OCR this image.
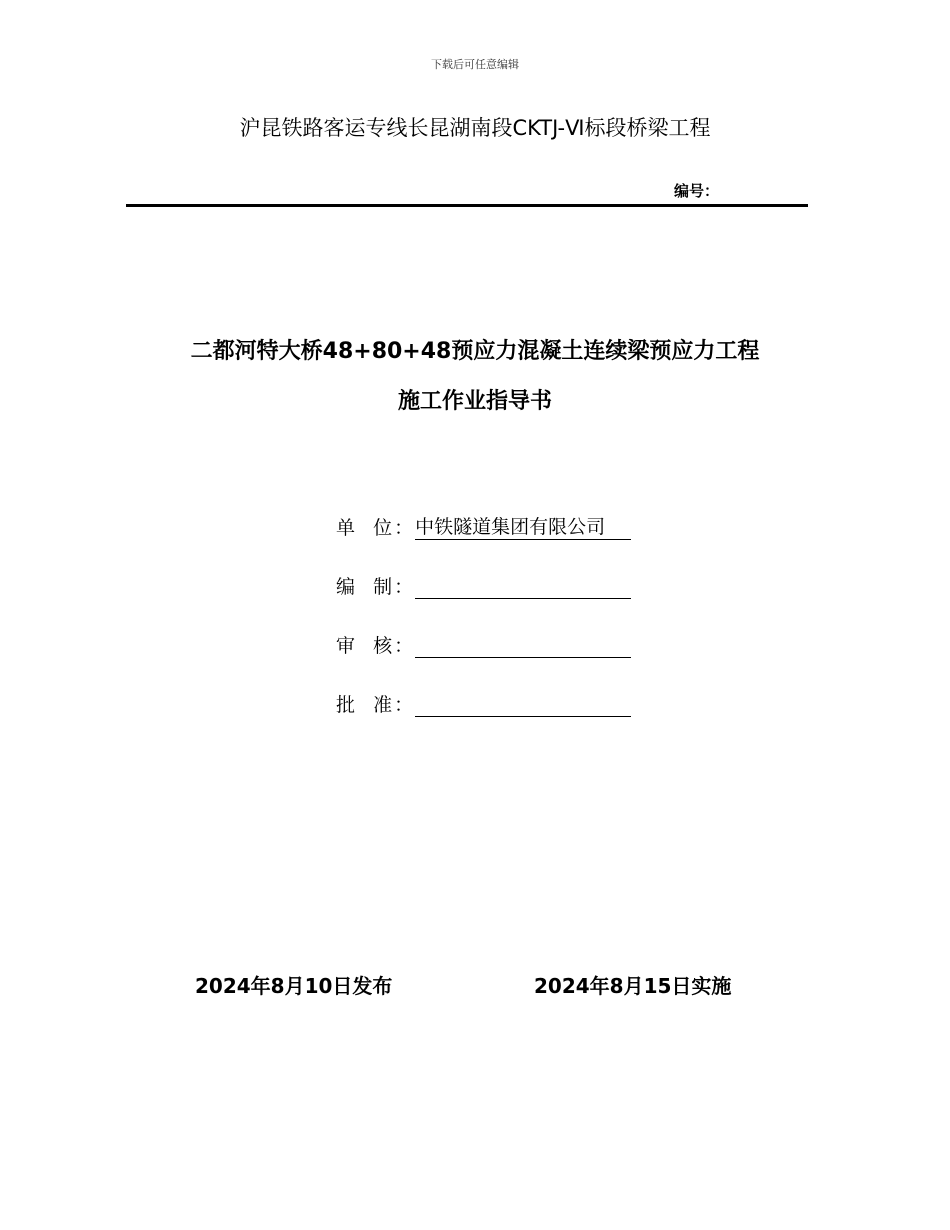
下载后可任意编辑
沪昆铁路客运专线长昆湖南段CKTJ-Ⅵ标段桥梁工程
编号：
二都河特大桥48+80+48预应力混凝土连续梁预应力工程
施工作业指导书
单  位： 中铁隧道集团有限公司
编  制：
审  核：
批  准：
2024年8月10日发布	2024年8月15日实施
